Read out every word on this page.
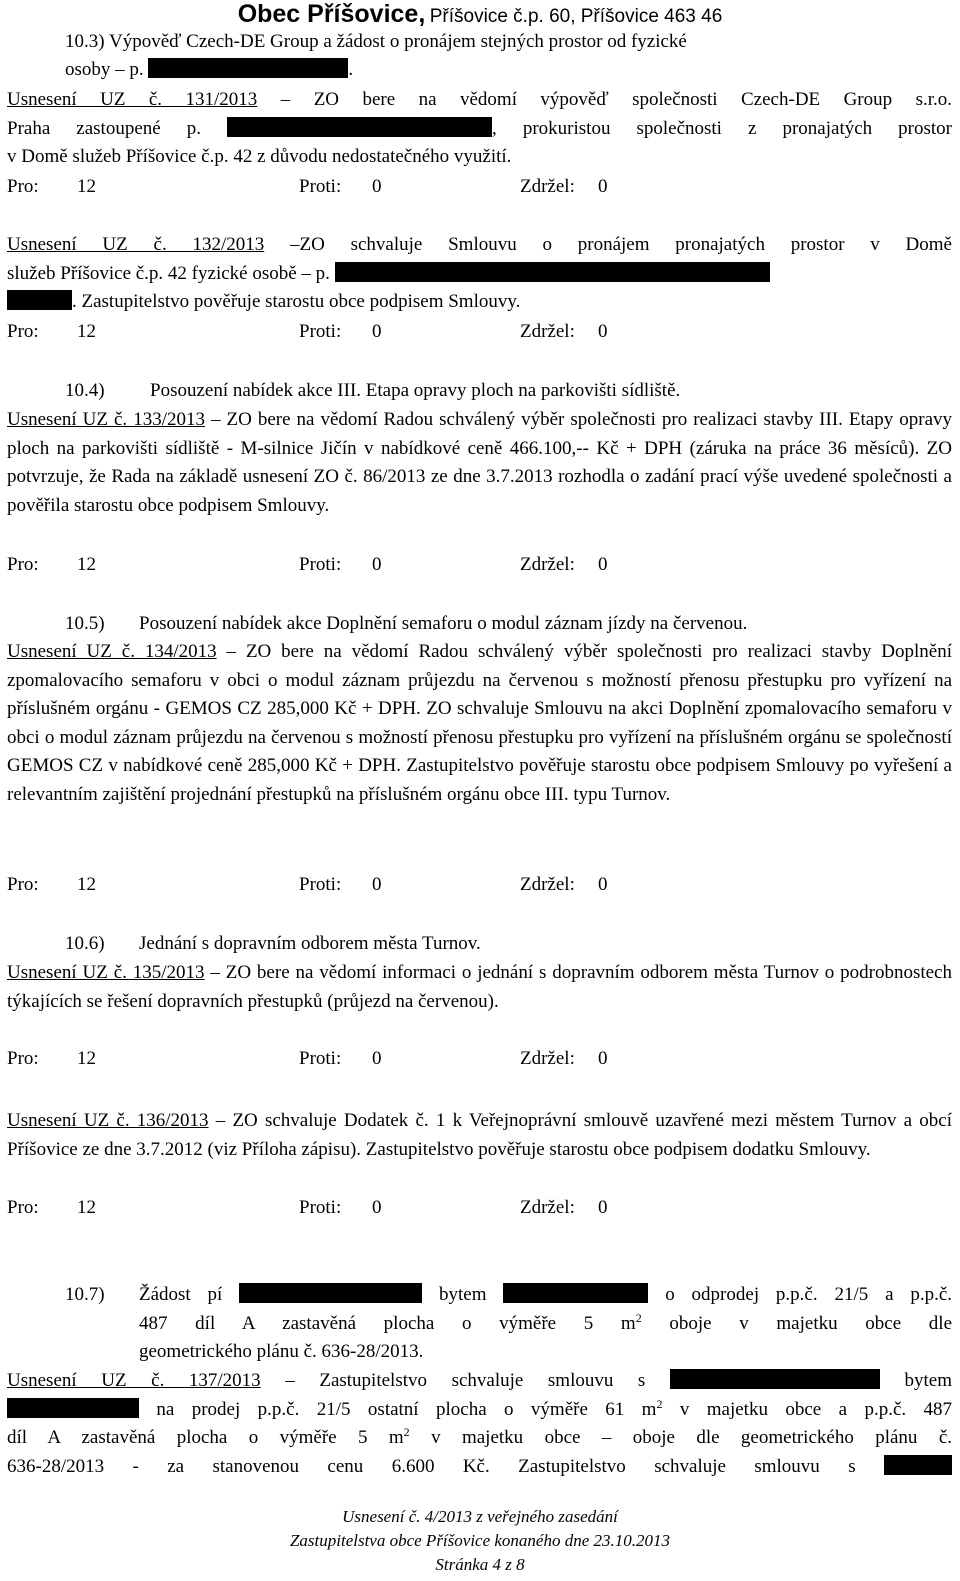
Obec Příšovice, Příšovice č.p. 60, Příšovice 463 46
10.3) Výpověď Czech-DE Group a žádost o pronájem stejných prostor od fyzické
osoby – p.	.
Usnesení UZ č. 131/2013 – ZO bere na vědomí výpověď společnosti Czech-DE Group s.r.o.
Praha zastoupené p.	, prokuristou společnosti z pronajatých prostor
v Domě služeb Příšovice č.p. 42 z důvodu nedostatečného využití.
Pro: 12	Proti: 0	Zdržel: 0
Usnesení UZ č. 132/2013 –ZO schvaluje Smlouvu o pronájem pronajatých prostor v Domě
služeb Příšovice č.p. 42 fyzické osobě – p.
. Zastupitelstvo pověřuje starostu obce podpisem Smlouvy.
Pro: 12	Proti: 0	Zdržel: 0
10.4) Posouzení nabídek akce III. Etapa opravy ploch na parkovišti sídliště.
Usnesení UZ č. 133/2013 – ZO bere na vědomí Radou schválený výběr společnosti pro realizaci stavby III. Etapy opravy ploch na parkovišti sídliště - M-silnice Jičín v nabídkové ceně 466.100,-- Kč + DPH (záruka na práce 36 měsíců). ZO potvrzuje, že Rada na základě usnesení ZO č. 86/2013 ze dne 3.7.2013 rozhodla o zadání prací výše uvedené společnosti a pověřila starostu obce podpisem Smlouvy.
Pro: 12	Proti: 0	Zdržel: 0
10.5) Posouzení nabídek akce Doplnění semaforu o modul záznam jízdy na červenou.
Usnesení UZ č. 134/2013 – ZO bere na vědomí Radou schválený výběr společnosti pro realizaci stavby Doplnění zpomalovacího semaforu v obci o modul záznam průjezdu na červenou s možností přenosu přestupku pro vyřízení na příslušném orgánu - GEMOS CZ 285,000 Kč + DPH. ZO schvaluje Smlouvu na akci Doplnění zpomalovacího semaforu v obci o modul záznam průjezdu na červenou s možností přenosu přestupku pro vyřízení na příslušném orgánu se společností GEMOS CZ v nabídkové ceně 285,000 Kč + DPH. Zastupitelstvo pověřuje starostu obce podpisem Smlouvy po vyřešení a relevantním zajištění projednání přestupků na příslušném orgánu obce III. typu Turnov.
Pro: 12	Proti: 0	Zdržel: 0
10.6) Jednání s dopravním odborem města Turnov.
Usnesení UZ č. 135/2013 – ZO bere na vědomí informaci o jednání s dopravním odborem města Turnov o podrobnostech týkajících se řešení dopravních přestupků (průjezd na červenou).
Pro: 12	Proti: 0	Zdržel: 0
Usnesení UZ č. 136/2013 – ZO schvaluje Dodatek č. 1 k Veřejnoprávní smlouvě uzavřené mezi městem Turnov a obcí Příšovice ze dne 3.7.2012 (viz Příloha zápisu). Zastupitelstvo pověřuje starostu obce podpisem dodatku Smlouvy.
Pro: 12	Proti: 0	Zdržel: 0
10.7) Žádost pí	bytem	o odprodej p.p.č. 21/5 a p.p.č.
487 díl A zastavěná plocha o výměře 5 $m^2$ oboje v majetku obce dle
geometrického plánu č. 636-28/2013.
Usnesení UZ č. 137/2013 – Zastupitelstvo schvaluje smlouvu s	bytem
na prodej p.p.č. 21/5 ostatní plocha o výměře 61 $m^2$ v majetku obce a p.p.č. 487
díl A zastavěná plocha o výměře 5 $m^2$ v majetku obce – oboje dle geometrického plánu č.
636-28/2013 - za stanovenou cenu 6.600 Kč. Zastupitelstvo schvaluje smlouvu s
Usnesení č. 4/2013 z veřejného zasedání
Zastupitelstva obce Příšovice konaného dne 23.10.2013
Stránka 4 z 8
